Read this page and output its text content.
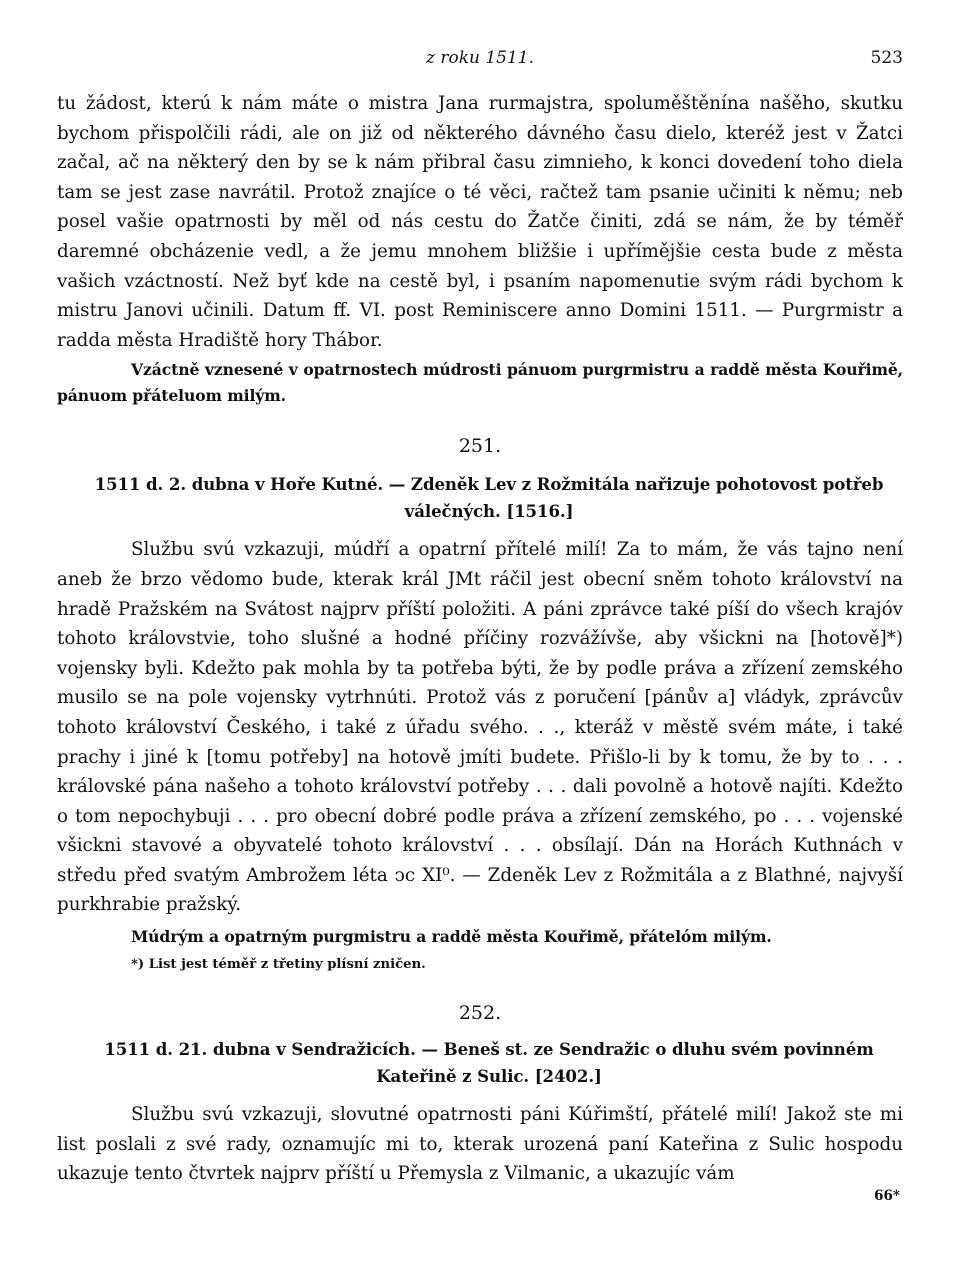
z roku 1511.	523

tu žádost, kterú k nám máte o mistra Jana rurmajstra, spoluměštěnína našěho, skutku bychom přispolčili rádi, ale on již od některého dávného času dielo, kteréž jest v Žatci začal, ač na některý den by se k nám přibral času zimnieho, k konci dovedení toho diela tam se jest zase navrátil. Protož znajíce o té věci, račtež tam psanie učiniti k němu; neb posel vašie opatrnosti by měl od nás cestu do Žatče činiti, zdá se nám, že by téměř daremné obcházenie vedl, a že jemu mnohem bližšie i upřímějšie cesta bude z města vašich vzáctností. Než byť kde na cestě byl, i psaním napomenutie svým rádi bychom k mistru Janovi učinili. Datum ff. VI. post Reminiscere anno Domini 1511. — Purgrmistr a radda města Hradiště hory Thábor.

Vzáctně vznesené v opatrnostech múdrosti pánuom purgrmistru a raddě města Kouřimě, pánuom přáteluom milým.

251.

1511 d. 2. dubna v Hoře Kutné. — Zdeněk Lev z Rožmitála nařizuje pohotovost potřeb válečných. [1516.]

Službu svú vzkazuji, múdří a opatrní přítelé milí! Za to mám, že vás tajno není aneb že brzo vědomo bude, kterak král JMt ráčil jest obecní sněm tohoto království na hradě Pražském na Svátost najprv příští položiti. A páni zprávce také píší do všech krajóv tohoto královstvie, toho slušné a hodné příčiny rozvážívše, aby všickni na [hotově]*) vojensky byli. Kdežto pak mohla by ta potřeba býti, že by podle práva a zřízení zemského musilo se na pole vojensky vytrhnúti. Protož vás z poručení [pánův a] vládyk, zprávcův tohoto království Českého, i také z úřadu svého. . ., kteráž v městě svém máte, i také prachy i jiné k [tomu potřeby] na hotově jmíti budete. Přišlo-li by k tomu, že by to . . . královské pána našeho a tohoto království potřeby . . . dali povolně a hotově najíti. Kdežto o tom nepochybuji . . . pro obecní dobré podle práva a zřízení zemského, po . . . vojenské všickni stavové a obyvatelé tohoto království . . . obsílají. Dán na Horách Kuthnách v středu před svatým Ambrožem léta ↄc XI⁰. — Zdeněk Lev z Rožmitála a z Blathné, najvyší purkhrabie pražský.

Múdrým a opatrným purgmistru a raddě města Kouřimě, přátelóm milým.

*) List jest téměř z třetiny plísní zničen.

252.

1511 d. 21. dubna v Sendražicích. — Beneš st. ze Sendražic o dluhu svém povinném Kateřině z Sulic. [2402.]

Službu svú vzkazuji, slovutné opatrnosti páni Kúřimští, přátelé milí! Jakož ste mi list poslali z své rady, oznamujíc mi to, kterak urozená paní Kateřina z Sulic hospodu ukazuje tento čtvrtek najprv příští u Přemysla z Vilmanic, a ukazujíc vám

66*
